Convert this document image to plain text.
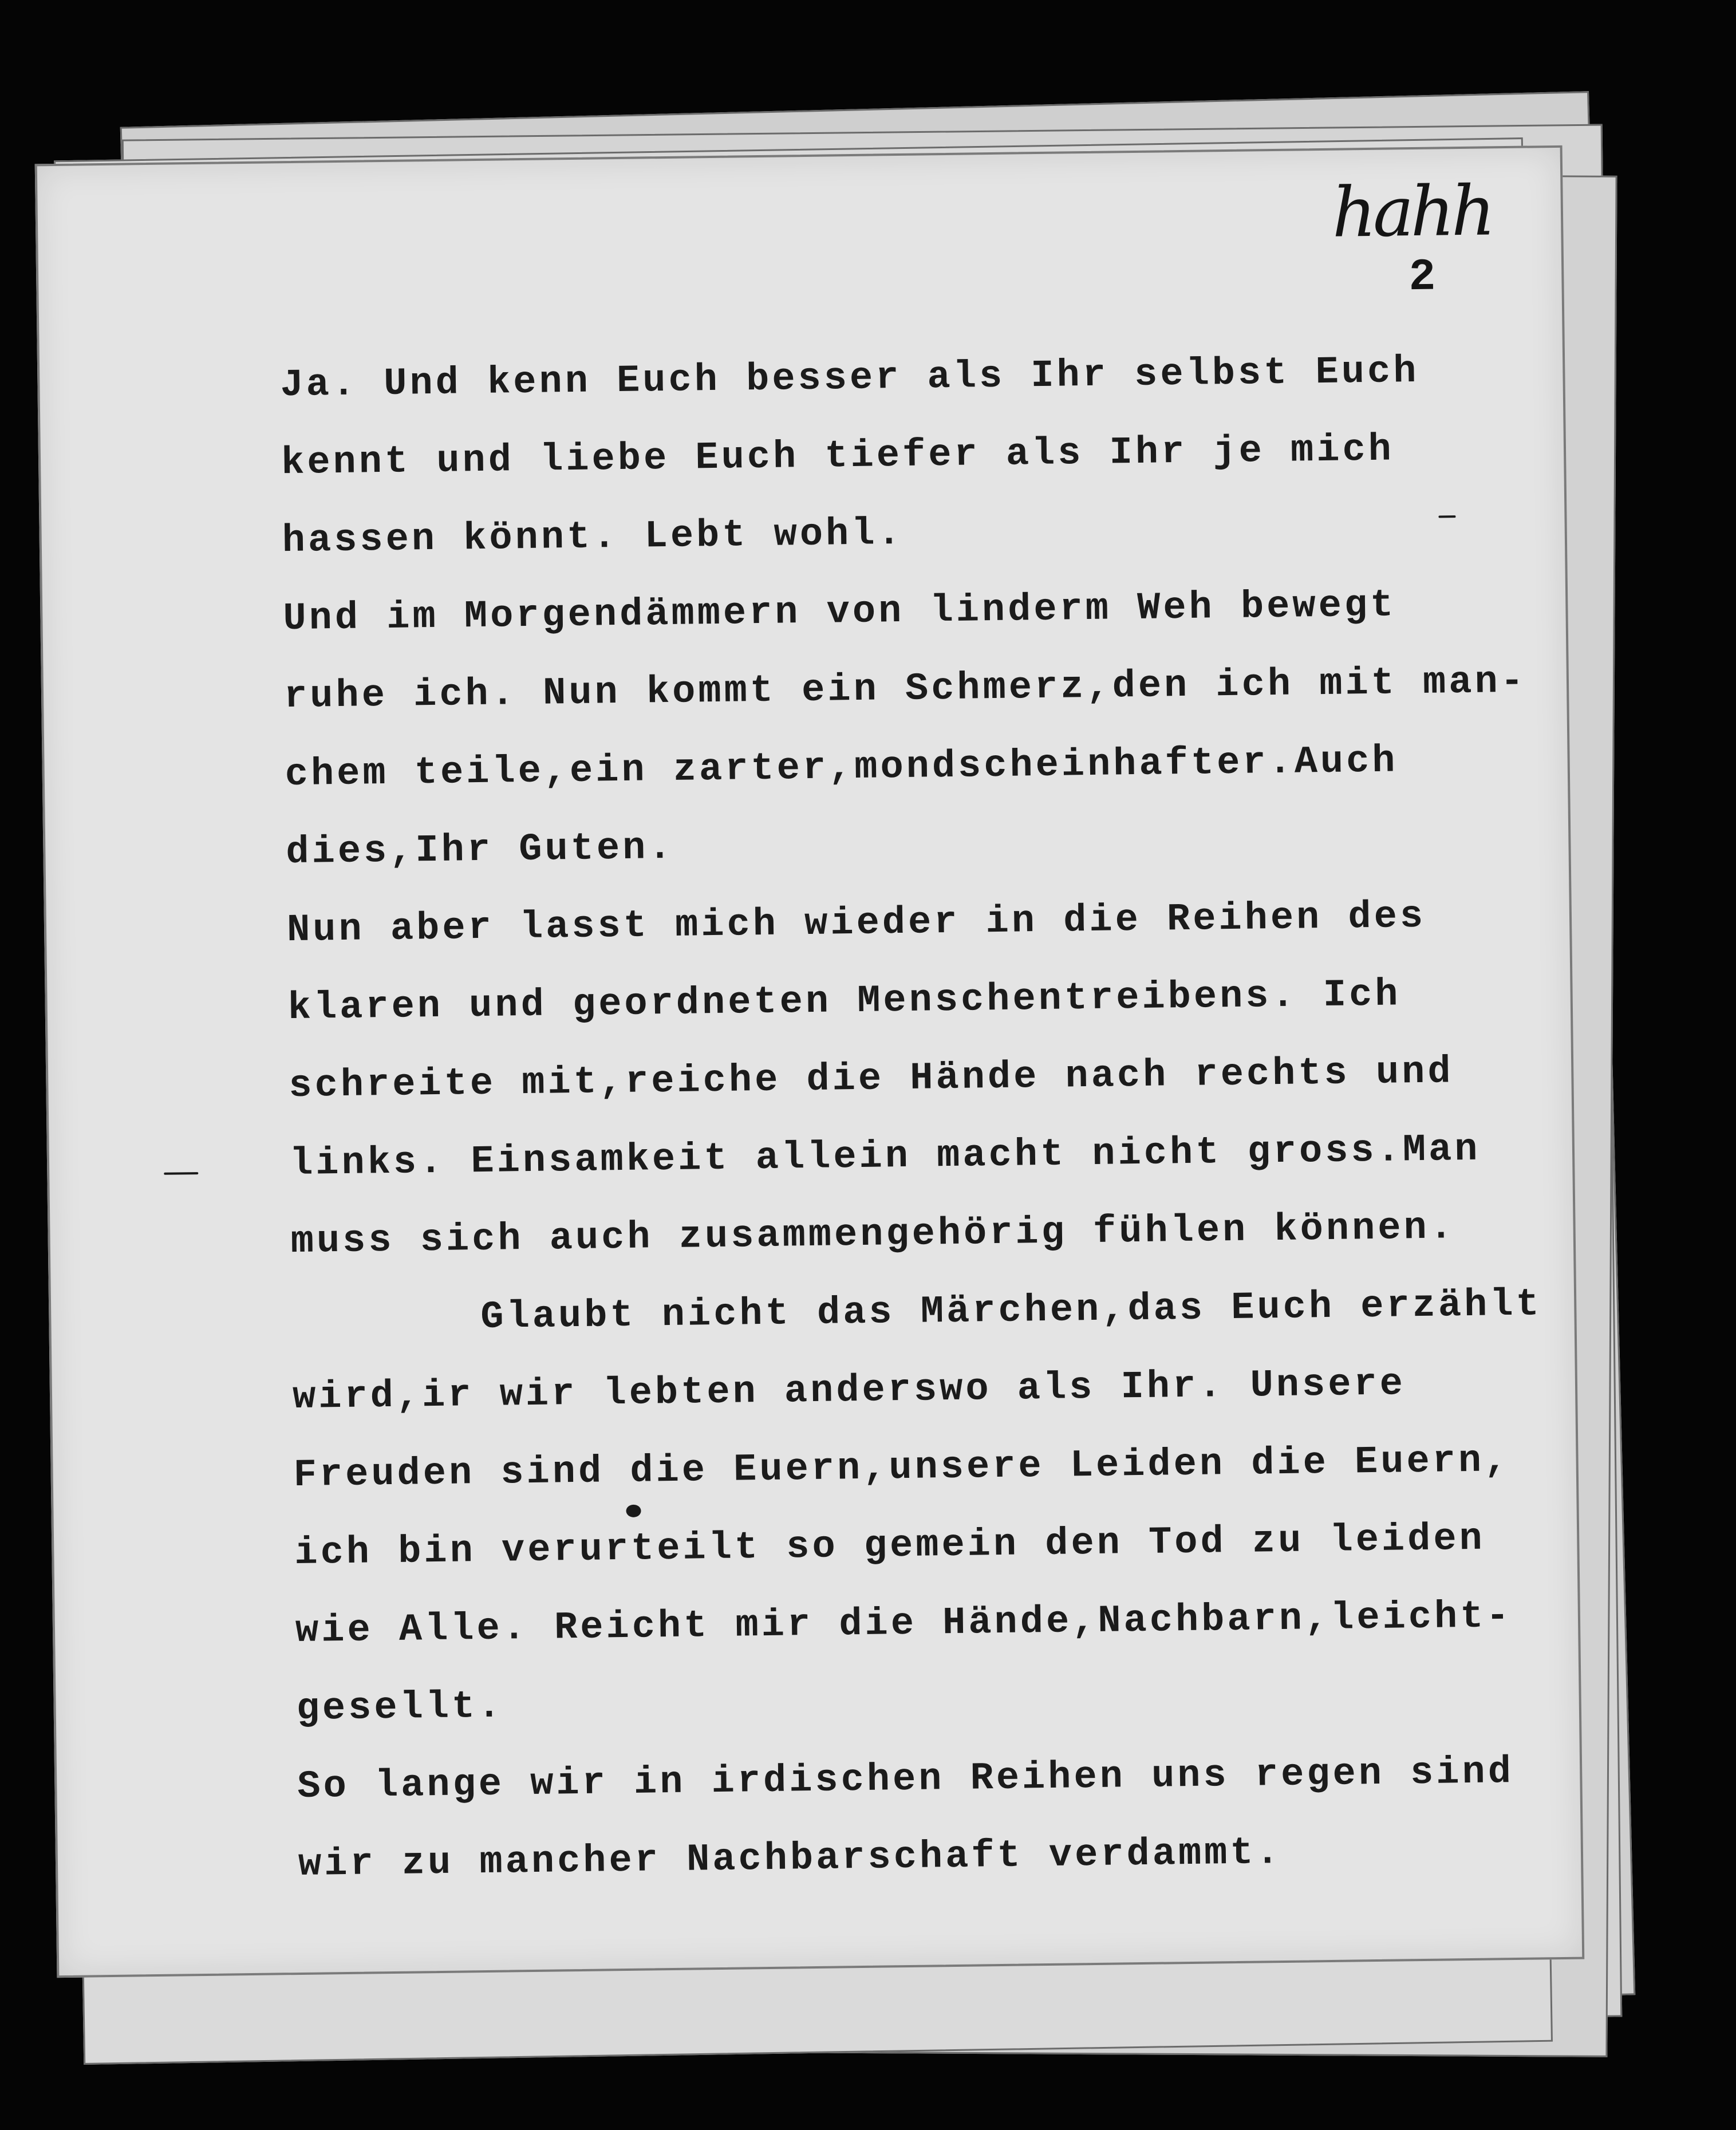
hahh
2
Ja. Und kenn Euch besser als Ihr selbst Euch
kennt und liebe Euch tiefer als Ihr je mich
hassen könnt. Lebt wohl.
Und im Morgendämmern von linderm Weh bewegt
ruhe ich. Nun kommt ein Schmerz,den ich mit man-
chem teile,ein zarter,mondscheinhafter.Auch
dies,Ihr Guten.
Nun aber lasst mich wieder in die Reihen des
klaren und geordneten Menschentreibens. Ich
schreite mit,reiche die Hände nach rechts und
links. Einsamkeit allein macht nicht gross.Man
muss sich auch zusammengehörig fühlen können.
Glaubt nicht das Märchen,das Euch erzählt
wird,ir wir lebten anderswo als Ihr. Unsere
Freuden sind die Euern,unsere Leiden die Euern,
ich bin verurteilt so gemein den Tod zu leiden
wie Alle. Reicht mir die Hände,Nachbarn,leicht-
gesellt.
So lange wir in irdischen Reihen uns regen sind
wir zu mancher Nachbarschaft verdammt.
